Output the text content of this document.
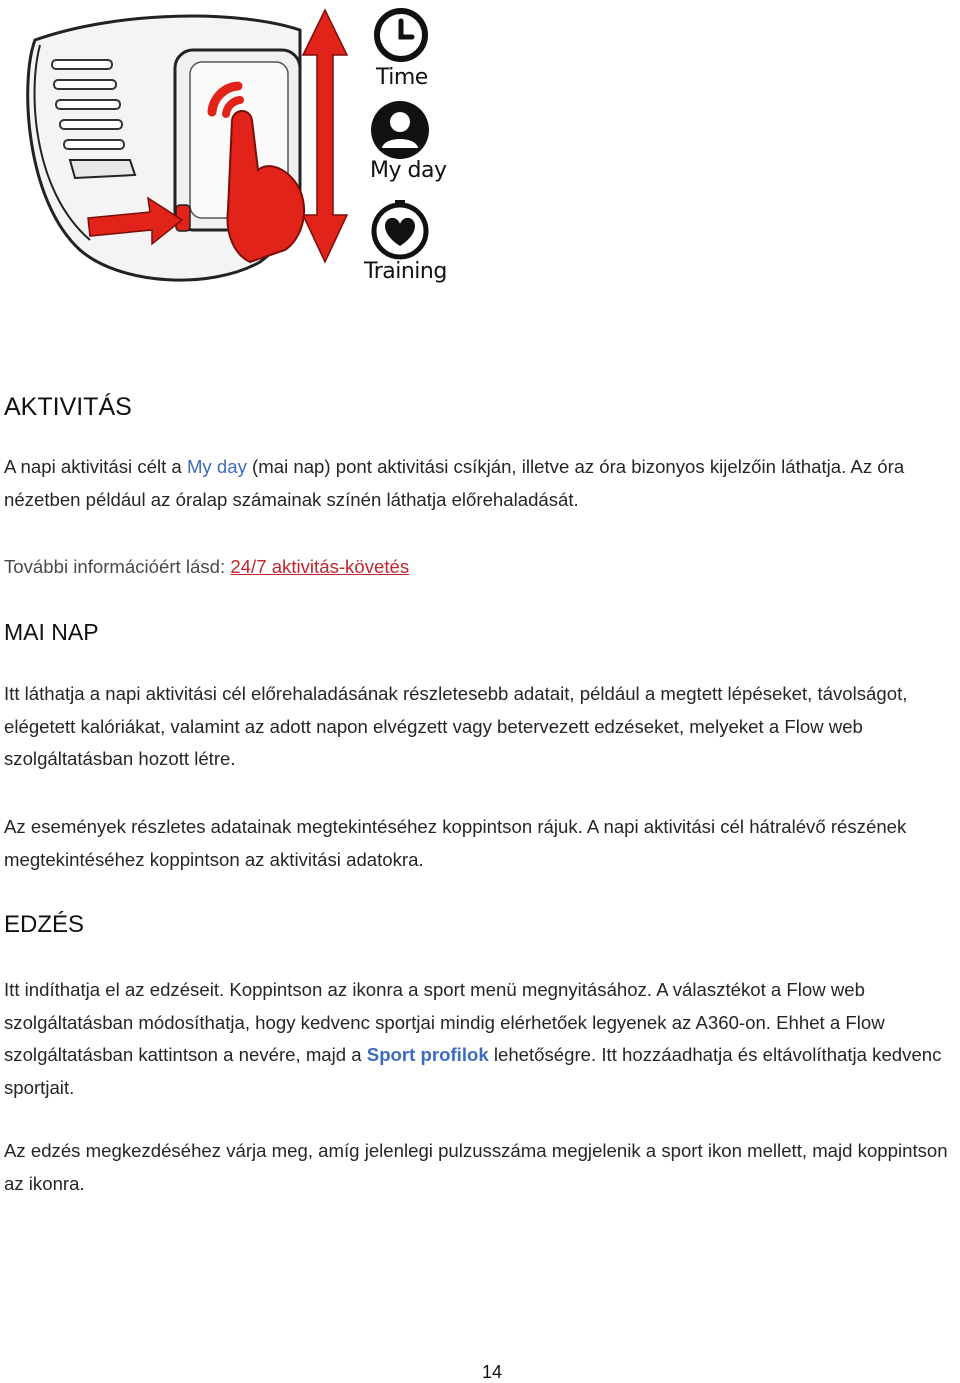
Time
My day
Training
AKTIVITÁS

A napi aktivitási célt a My day (mai nap) pont aktivitási csíkján, illetve az óra bizonyos kijelzőin láthatja. Az óra nézetben például az óralap számainak színén láthatja előrehaladását.

További információért lásd: 24/7 aktivitás-követés

MAI NAP

Itt láthatja a napi aktivitási cél előrehaladásának részletesebb adatait, például a megtett lépéseket, távolságot, elégetett kalóriákat, valamint az adott napon elvégzett vagy betervezett edzéseket, melyeket a Flow web szolgáltatásban hozott létre.

Az események részletes adatainak megtekintéséhez koppintson rájuk. A napi aktivitási cél hátralévő részének megtekintéséhez koppintson az aktivitási adatokra.

EDZÉS

Itt indíthatja el az edzéseit. Koppintson az ikonra a sport menü megnyitásához. A választékot a Flow web szolgáltatásban módosíthatja, hogy kedvenc sportjai mindig elérhetőek legyenek az A360-on. Ehhet a Flow szolgáltatásban kattintson a nevére, majd a Sport profilok lehetőségre. Itt hozzáadhatja és eltávolíthatja kedvenc sportjait.

Az edzés megkezdéséhez várja meg, amíg jelenlegi pulzusszáma megjelenik a sport ikon mellett, majd koppintson az ikonra.

14
